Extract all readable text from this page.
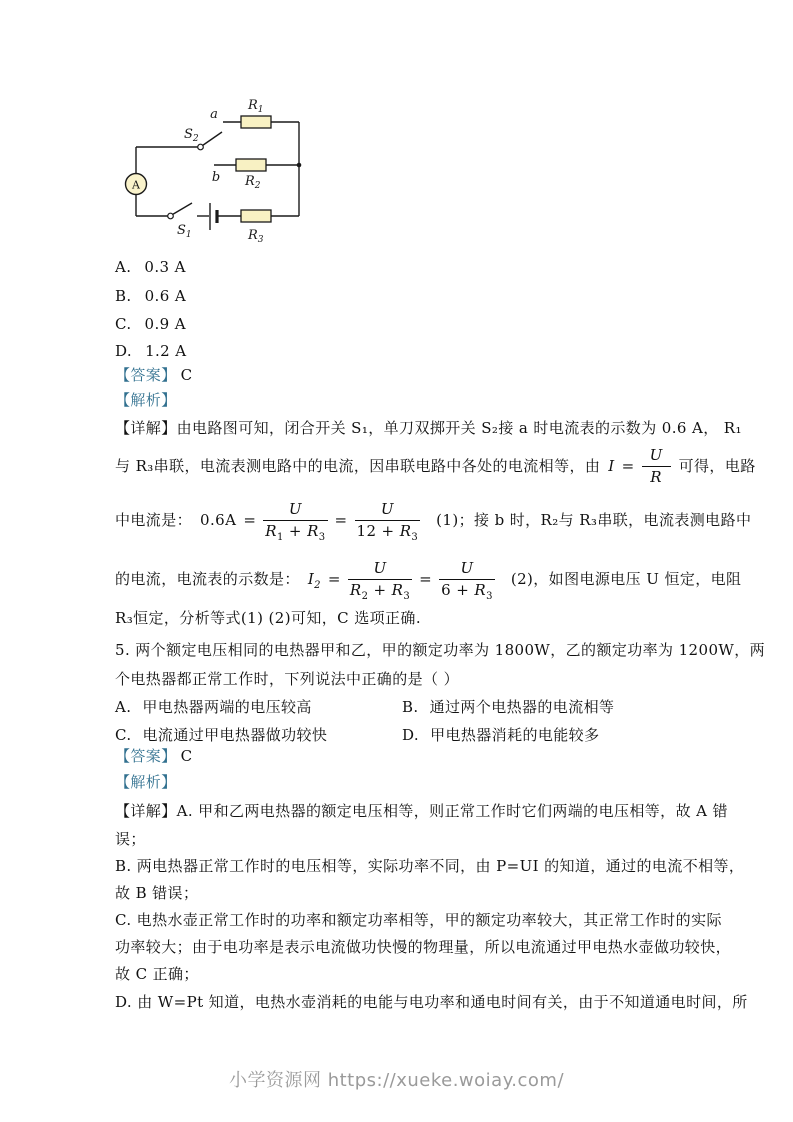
A
a
b
$R_1$
$R_2$
$R_3$
$S_2$
$S_1$
A. 0.3 A
B. 0.6 A
C. 0.9 A
D. 1.2 A
【答案】 C
【解析】
【详解】由电路图可知，闭合开关 S₁，单刀双掷开关 S₂接 a 时电流表的示数为 0.6 A， R₁
与 R₃串联，电流表测电路中的电流，因串联电路中各处的电流相等，由 $I = \frac{U}{R}$ 可得，电路
中电流是： $0.6A = \frac{U}{R_1 + R_3} = \frac{U}{12 + R_3} (1)$；接 b 时，R₂与 R₃串联，电流表测电路中
的电流，电流表的示数是： $I_2 = \frac{U}{R_2 + R_3} = \frac{U}{6 + R_3} (2)$，如图电源电压 U 恒定，电阻
R₃恒定，分析等式(1) (2)可知，C 选项正确.
5. 两个额定电压相同的电热器甲和乙，甲的额定功率为 1800W，乙的额定功率为 1200W，两
个电热器都正常工作时，下列说法中正确的是（ ）
A. 甲电热器两端的电压较高	B. 通过两个电热器的电流相等
C. 电流通过甲电热器做功较快	D. 甲电热器消耗的电能较多
【答案】 C
【解析】
【详解】A. 甲和乙两电热器的额定电压相等，则正常工作时它们两端的电压相等，故 A 错
误；
B. 两电热器正常工作时的电压相等，实际功率不同，由 P=UI 的知道，通过的电流不相等，
故 B 错误；
C. 电热水壶正常工作时的功率和额定功率相等，甲的额定功率较大，其正常工作时的实际
功率较大；由于电功率是表示电流做功快慢的物理量，所以电流通过甲电热水壶做功较快，
故 C 正确；
D. 由 W=Pt 知道，电热水壶消耗的电能与电功率和通电时间有关，由于不知道通电时间，所
小学资源网 https://xueke.woiay.com/
